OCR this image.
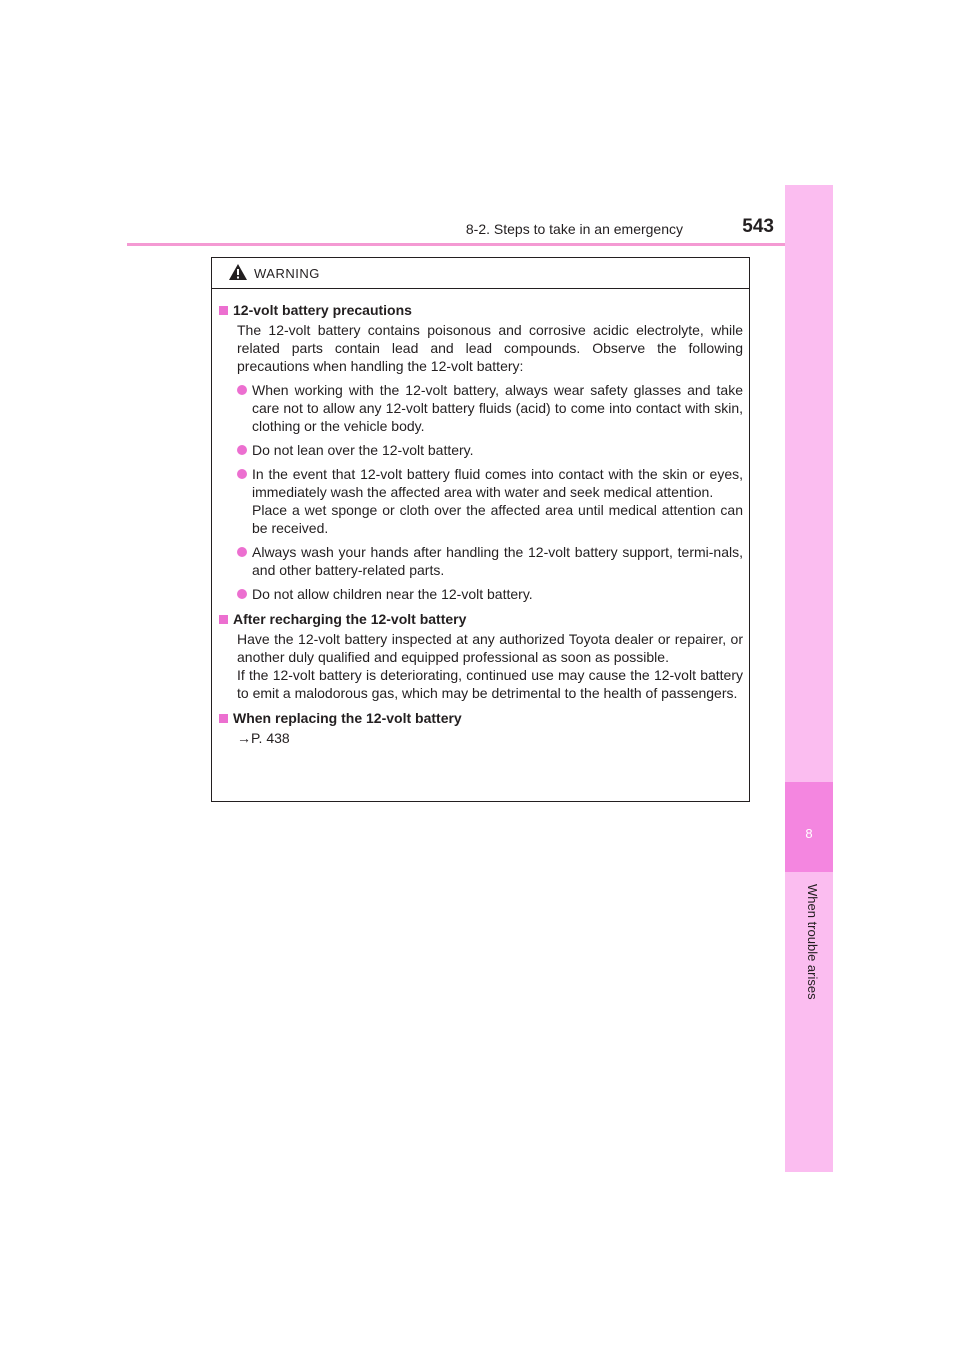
8-2. Steps to take in an emergency	543
8
When trouble arises
WARNING
12-volt battery precautions
The 12-volt battery contains poisonous and corrosive acidic electrolyte, while related parts contain lead and lead compounds. Observe the following precautions when handling the 12-volt battery:
When working with the 12-volt battery, always wear safety glasses and take care not to allow any 12-volt battery fluids (acid) to come into contact with skin, clothing or the vehicle body.
Do not lean over the 12-volt battery.
In the event that 12-volt battery fluid comes into contact with the skin or eyes, immediately wash the affected area with water and seek medical attention.
Place a wet sponge or cloth over the affected area until medical attention can be received.
Always wash your hands after handling the 12-volt battery support, termi-nals, and other battery-related parts.
Do not allow children near the 12-volt battery.
After recharging the 12-volt battery
Have the 12-volt battery inspected at any authorized Toyota dealer or repairer, or another duly qualified and equipped professional as soon as possible.
If the 12-volt battery is deteriorating, continued use may cause the 12-volt battery to emit a malodorous gas, which may be detrimental to the health of passengers.
When replacing the 12-volt battery
→P. 438
